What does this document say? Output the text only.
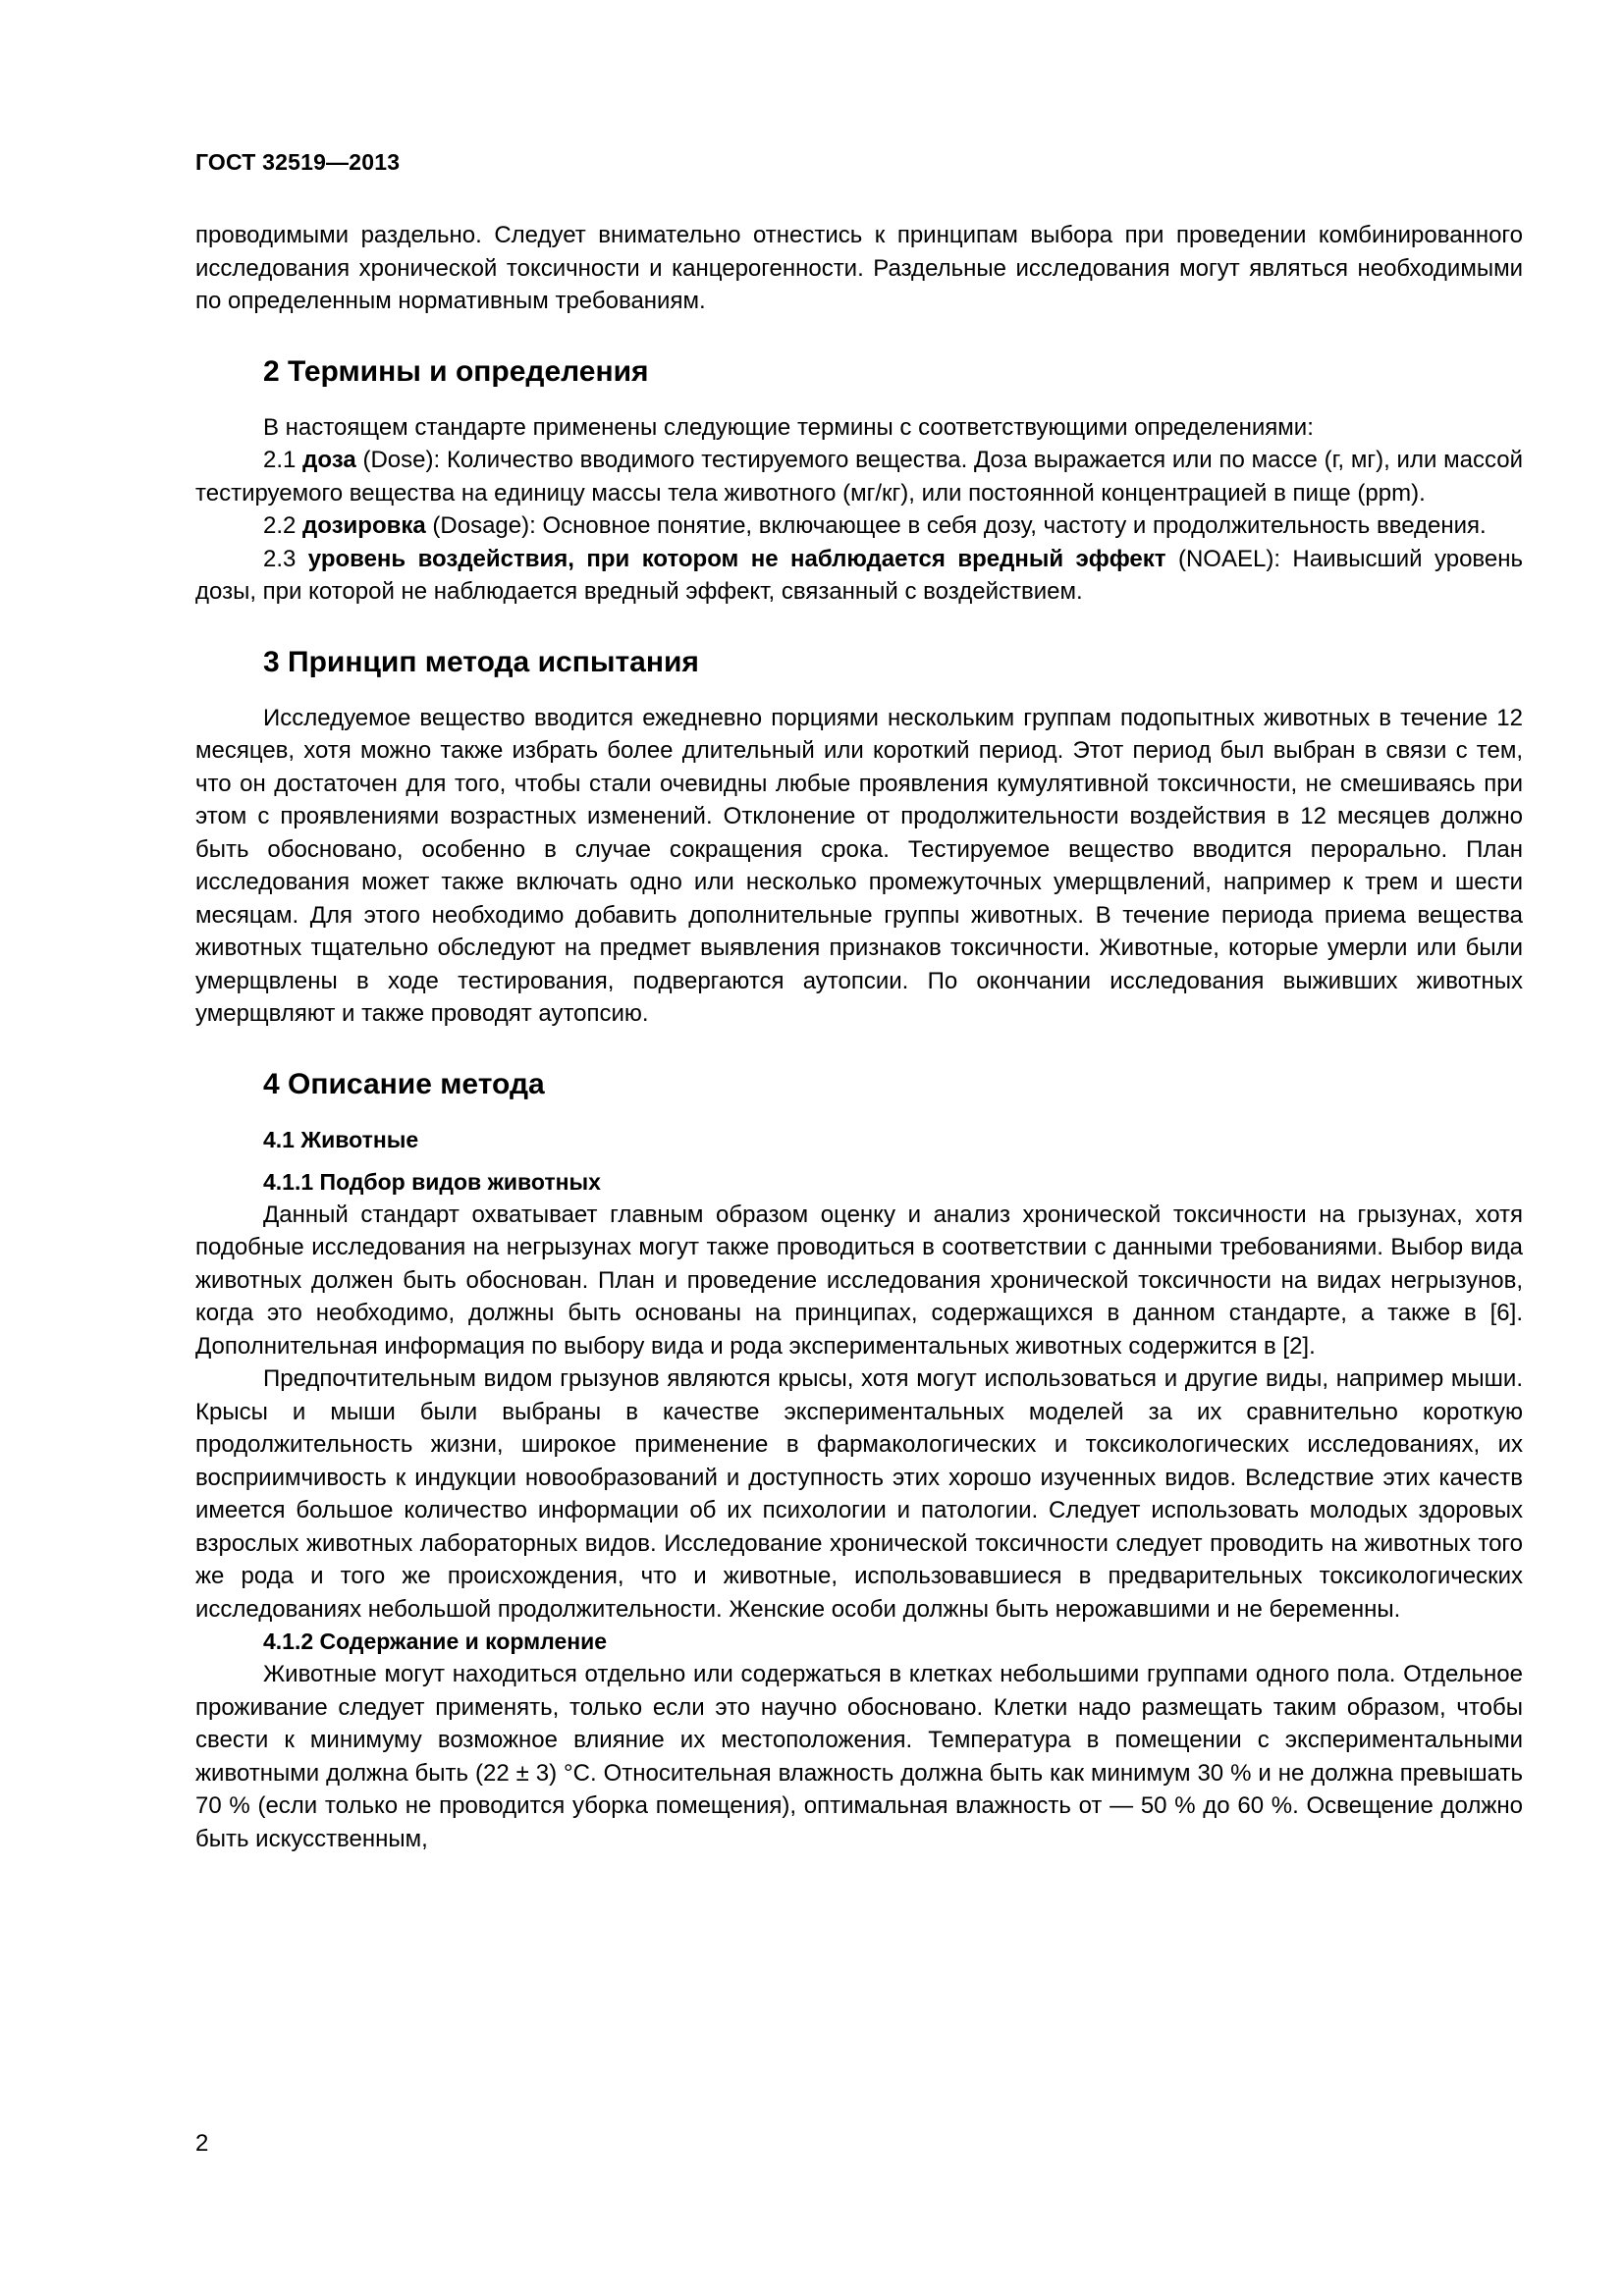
ГОСТ 32519—2013

проводимыми раздельно. Следует внимательно отнестись к принципам выбора при проведении комбинированного исследования хронической токсичности и канцерогенности. Раздельные исследования могут являться необходимыми по определенным нормативным требованиям.

2 Термины и определения

В настоящем стандарте применены следующие термины с соответствующими определениями:

2.1 доза (Dose): Количество вводимого тестируемого вещества. Доза выражается или по массе (г, мг), или массой тестируемого вещества на единицу массы тела животного (мг/кг), или постоянной концентрацией в пище (ppm).

2.2 дозировка (Dosage): Основное понятие, включающее в себя дозу, частоту и продолжительность введения.

2.3 уровень воздействия, при котором не наблюдается вредный эффект (NOAEL): Наивысший уровень дозы, при которой не наблюдается вредный эффект, связанный с воздействием.

3 Принцип метода испытания

Исследуемое вещество вводится ежедневно порциями нескольким группам подопытных животных в течение 12 месяцев, хотя можно также избрать более длительный или короткий период. Этот период был выбран в связи с тем, что он достаточен для того, чтобы стали очевидны любые проявления кумулятивной токсичности, не смешиваясь при этом с проявлениями возрастных изменений. Отклонение от продолжительности воздействия в 12 месяцев должно быть обосновано, особенно в случае сокращения срока. Тестируемое вещество вводится перорально. План исследования может также включать одно или несколько промежуточных умерщвлений, например к трем и шести месяцам. Для этого необходимо добавить дополнительные группы животных. В течение периода приема вещества животных тщательно обследуют на предмет выявления признаков токсичности. Животные, которые умерли или были умерщвлены в ходе тестирования, подвергаются аутопсии. По окончании исследования выживших животных умерщвляют и также проводят аутопсию.

4 Описание метода
4.1 Животные
4.1.1 Подбор видов животных

Данный стандарт охватывает главным образом оценку и анализ хронической токсичности на грызунах, хотя подобные исследования на негрызунах могут также проводиться в соответствии с данными требованиями. Выбор вида животных должен быть обоснован. План и проведение исследования хронической токсичности на видах негрызунов, когда это необходимо, должны быть основаны на принципах, содержащихся в данном стандарте, а также в [6]. Дополнительная информация по выбору вида и рода экспериментальных животных содержится в [2].

Предпочтительным видом грызунов являются крысы, хотя могут использоваться и другие виды, например мыши. Крысы и мыши были выбраны в качестве экспериментальных моделей за их сравнительно короткую продолжительность жизни, широкое применение в фармакологических и токсикологических исследованиях, их восприимчивость к индукции новообразований и доступность этих хорошо изученных видов. Вследствие этих качеств имеется большое количество информации об их психологии и патологии. Следует использовать молодых здоровых взрослых животных лабораторных видов. Исследование хронической токсичности следует проводить на животных того же рода и того же происхождения, что и животные, использовавшиеся в предварительных токсикологических исследованиях небольшой продолжительности. Женские особи должны быть нерожавшими и не беременны.

4.1.2 Содержание и кормление

Животные могут находиться отдельно или содержаться в клетках небольшими группами одного пола. Отдельное проживание следует применять, только если это научно обосновано. Клетки надо размещать таким образом, чтобы свести к минимуму возможное влияние их местоположения. Температура в помещении с экспериментальными животными должна быть (22 ± 3) °С. Относительная влажность должна быть как минимум 30 % и не должна превышать 70 % (если только не проводится уборка помещения), оптимальная влажность от — 50 % до 60 %. Освещение должно быть искусственным,

2
